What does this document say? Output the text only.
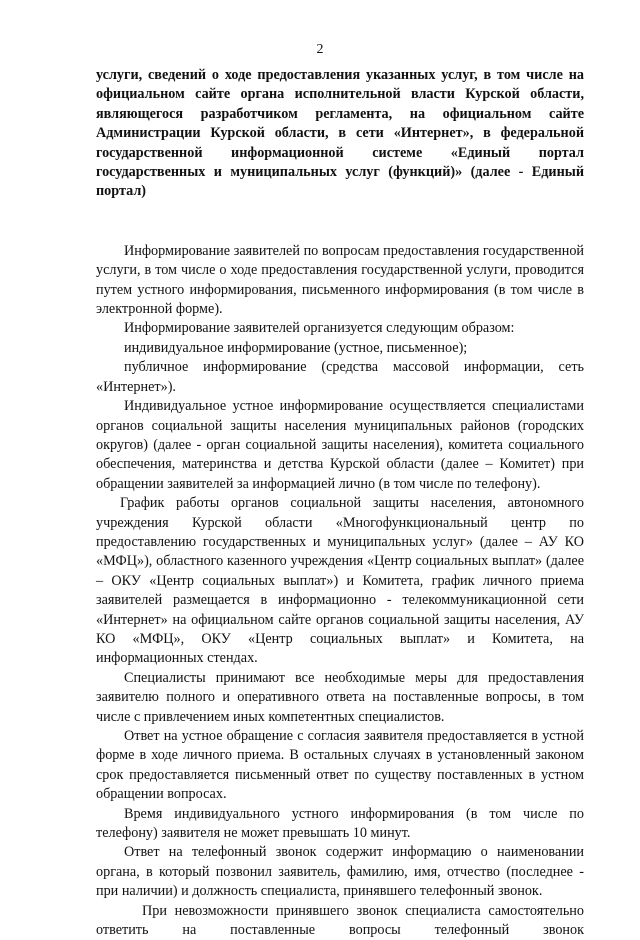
2

услуги, сведений о ходе предоставления указанных услуг, в том числе на официальном сайте органа исполнительной власти Курской области, являющегося разработчиком регламента, на официальном сайте Администрации Курской области, в сети «Интернет», в федеральной государственной информационной системе «Единый портал государственных и муниципальных услуг (функций)» (далее - Единый портал)

Информирование заявителей по вопросам предоставления государственной услуги, в том числе о ходе предоставления государственной услуги, проводится путем устного информирования, письменного информирования (в том числе в электронной форме).

Информирование заявителей организуется следующим образом:

индивидуальное информирование (устное, письменное);

публичное информирование (средства массовой информации, сеть «Интернет»).

Индивидуальное устное информирование осуществляется специалистами органов социальной защиты населения муниципальных районов (городских округов) (далее - орган социальной защиты населения), комитета социального обеспечения, материнства и детства Курской области (далее – Комитет) при обращении заявителей за информацией лично (в том числе по телефону).

График работы органов социальной защиты населения, автономного учреждения Курской области «Многофункциональный центр по предоставлению государственных и муниципальных услуг» (далее – АУ КО «МФЦ»), областного казенного учреждения «Центр социальных выплат» (далее – ОКУ «Центр социальных выплат») и Комитета, график личного приема заявителей размещается в информационно - телекоммуникационной сети «Интернет» на официальном сайте органов социальной защиты населения, АУ КО «МФЦ», ОКУ «Центр социальных выплат» и Комитета, на информационных стендах.

Специалисты принимают все необходимые меры для предоставления заявителю полного и оперативного ответа на поставленные вопросы, в том числе с привлечением иных компетентных специалистов.

Ответ на устное обращение с согласия заявителя предоставляется в устной форме в ходе личного приема. В остальных случаях в установленный законом срок предоставляется письменный ответ по существу поставленных в устном обращении вопросах.

Время индивидуального устного информирования (в том числе по телефону) заявителя не может превышать 10 минут.

Ответ на телефонный звонок содержит информацию о наименовании органа, в который позвонил заявитель, фамилию, имя, отчество (последнее - при наличии) и должность специалиста, принявшего телефонный звонок.

При невозможности принявшего звонок специалиста самостоятельно ответить на поставленные вопросы телефонный звонок
